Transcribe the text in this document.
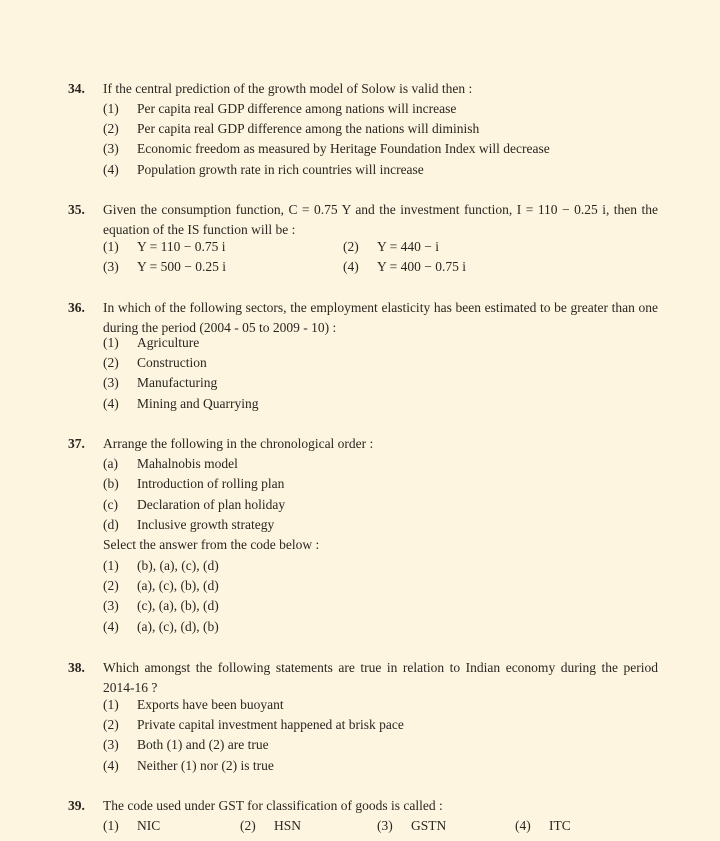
34. If the central prediction of the growth model of Solow is valid then :
(1) Per capita real GDP difference among nations will increase
(2) Per capita real GDP difference among the nations will diminish
(3) Economic freedom as measured by Heritage Foundation Index will decrease
(4) Population growth rate in rich countries will increase
35. Given the consumption function, C = 0.75 Y and the investment function, I = 110 − 0.25 i, then the equation of the IS function will be :
(1) Y = 110 − 0.75 i	(2) Y = 440 − i
(3) Y = 500 − 0.25 i	(4) Y = 400 − 0.75 i
36. In which of the following sectors, the employment elasticity has been estimated to be greater than one during the period (2004 - 05 to 2009 - 10) :
(1) Agriculture
(2) Construction
(3) Manufacturing
(4) Mining and Quarrying
37. Arrange the following in the chronological order :
(a) Mahalnobis model
(b) Introduction of rolling plan
(c) Declaration of plan holiday
(d) Inclusive growth strategy
Select the answer from the code below :
(1) (b), (a), (c), (d)
(2) (a), (c), (b), (d)
(3) (c), (a), (b), (d)
(4) (a), (c), (d), (b)
38. Which amongst the following statements are true in relation to Indian economy during the period 2014-16 ?
(1) Exports have been buoyant
(2) Private capital investment happened at brisk pace
(3) Both (1) and (2) are true
(4) Neither (1) nor (2) is true
39. The code used under GST for classification of goods is called :
(1) NIC	(2) HSN	(3) GSTN	(4) ITC
